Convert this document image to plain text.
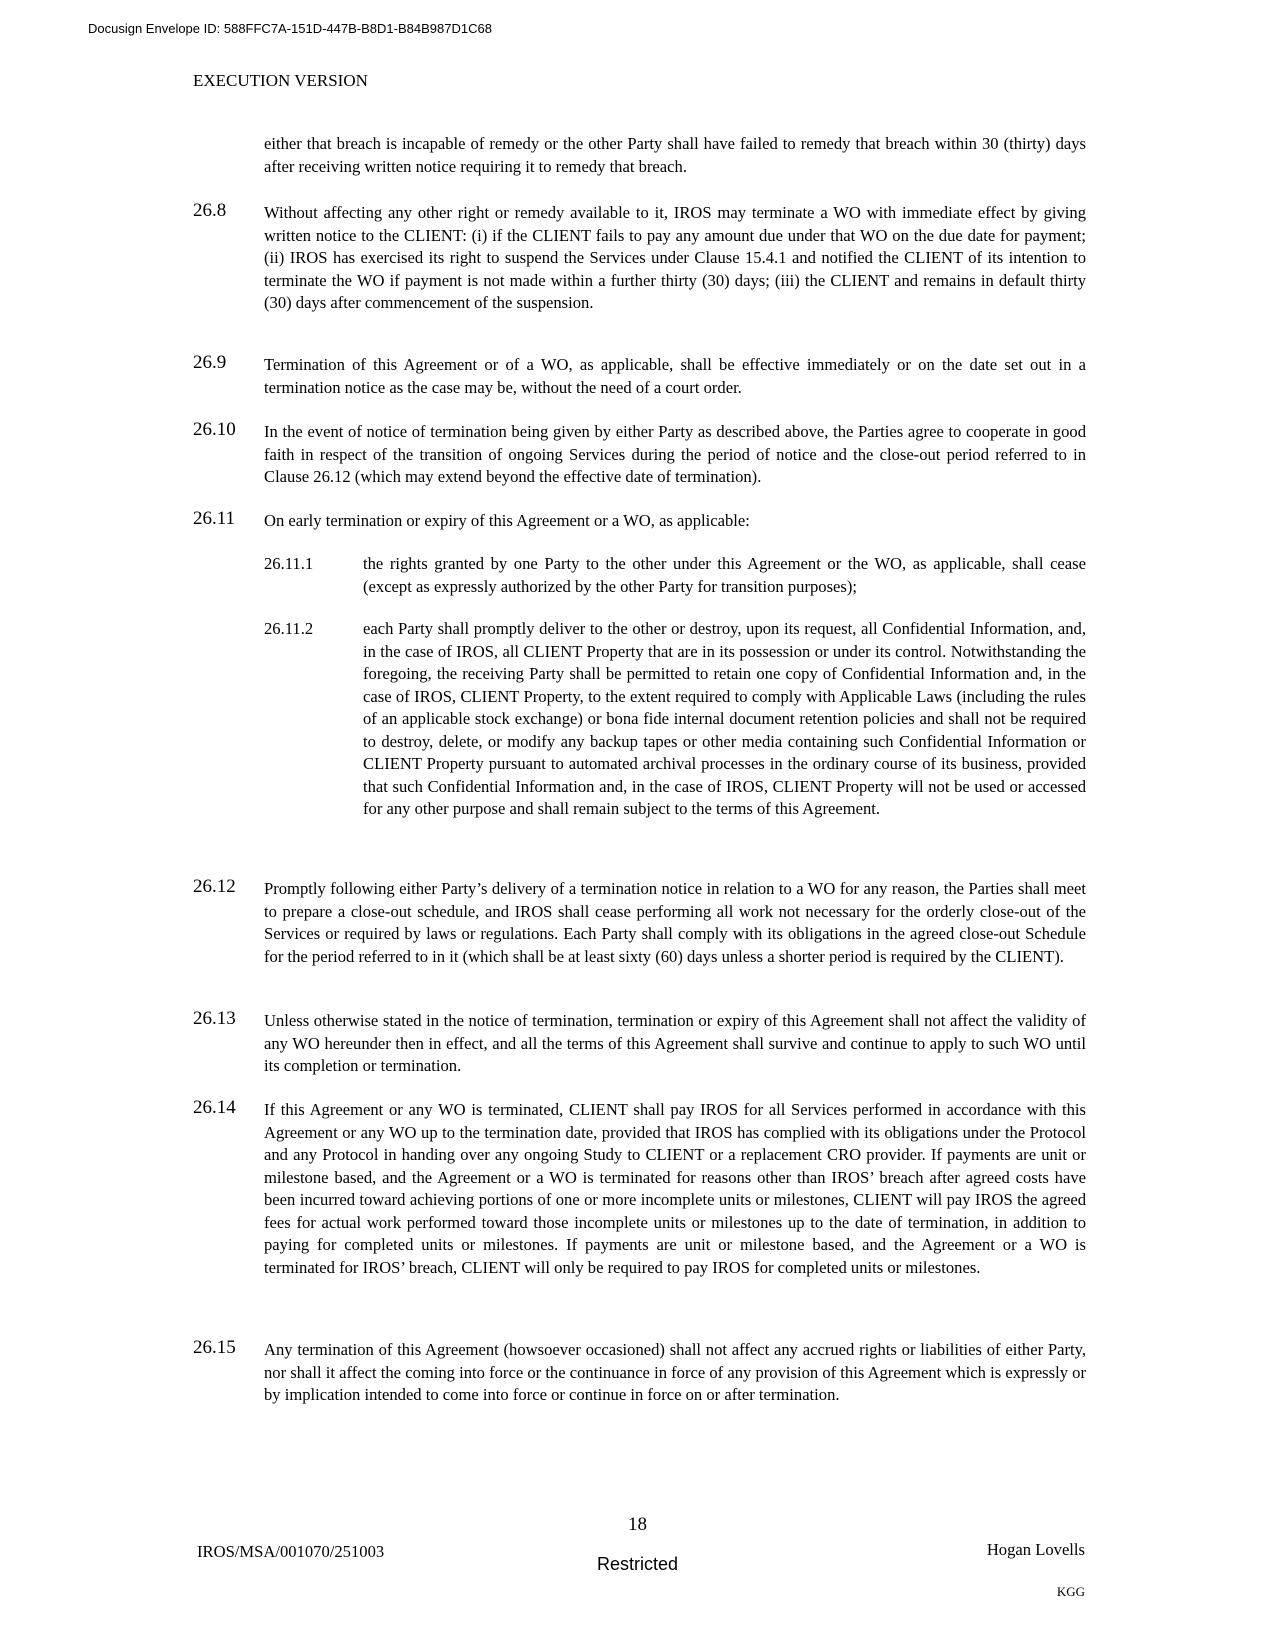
Docusign Envelope ID: 588FFC7A-151D-447B-B8D1-B84B987D1C68
EXECUTION VERSION

either that breach is incapable of remedy or the other Party shall have failed to remedy that breach within 30 (thirty) days after receiving written notice requiring it to remedy that breach.

26.8 Without affecting any other right or remedy available to it, IROS may terminate a WO with immediate effect by giving written notice to the CLIENT: (i) if the CLIENT fails to pay any amount due under that WO on the due date for payment; (ii) IROS has exercised its right to suspend the Services under Clause 15.4.1 and notified the CLIENT of its intention to terminate the WO if payment is not made within a further thirty (30) days; (iii) the CLIENT and remains in default thirty (30) days after commencement of the suspension.

26.9 Termination of this Agreement or of a WO, as applicable, shall be effective immediately or on the date set out in a termination notice as the case may be, without the need of a court order.

26.10 In the event of notice of termination being given by either Party as described above, the Parties agree to cooperate in good faith in respect of the transition of ongoing Services during the period of notice and the close-out period referred to in Clause 26.12 (which may extend beyond the effective date of termination).

26.11 On early termination or expiry of this Agreement or a WO, as applicable:

26.11.1	the rights granted by one Party to the other under this Agreement or the WO, as applicable, shall cease (except as expressly authorized by the other Party for transition purposes);

26.11.2	each Party shall promptly deliver to the other or destroy, upon its request, all Confidential Information, and, in the case of IROS, all CLIENT Property that are in its possession or under its control. Notwithstanding the foregoing, the receiving Party shall be permitted to retain one copy of Confidential Information and, in the case of IROS, CLIENT Property, to the extent required to comply with Applicable Laws (including the rules of an applicable stock exchange) or bona fide internal document retention policies and shall not be required to destroy, delete, or modify any backup tapes or other media containing such Confidential Information or CLIENT Property pursuant to automated archival processes in the ordinary course of its business, provided that such Confidential Information and, in the case of IROS, CLIENT Property will not be used or accessed for any other purpose and shall remain subject to the terms of this Agreement.

26.12 Promptly following either Party’s delivery of a termination notice in relation to a WO for any reason, the Parties shall meet to prepare a close-out schedule, and IROS shall cease performing all work not necessary for the orderly close-out of the Services or required by laws or regulations. Each Party shall comply with its obligations in the agreed close-out Schedule for the period referred to in it (which shall be at least sixty (60) days unless a shorter period is required by the CLIENT).

26.13 Unless otherwise stated in the notice of termination, termination or expiry of this Agreement shall not affect the validity of any WO hereunder then in effect, and all the terms of this Agreement shall survive and continue to apply to such WO until its completion or termination.

26.14 If this Agreement or any WO is terminated, CLIENT shall pay IROS for all Services performed in accordance with this Agreement or any WO up to the termination date, provided that IROS has complied with its obligations under the Protocol and any Protocol in handing over any ongoing Study to CLIENT or a replacement CRO provider. If payments are unit or milestone based, and the Agreement or a WO is terminated for reasons other than IROS’ breach after agreed costs have been incurred toward achieving portions of one or more incomplete units or milestones, CLIENT will pay IROS the agreed fees for actual work performed toward those incomplete units or milestones up to the date of termination, in addition to paying for completed units or milestones. If payments are unit or milestone based, and the Agreement or a WO is terminated for IROS’ breach, CLIENT will only be required to pay IROS for completed units or milestones.

26.15 Any termination of this Agreement (howsoever occasioned) shall not affect any accrued rights or liabilities of either Party, nor shall it affect the coming into force or the continuance in force of any provision of this Agreement which is expressly or by implication intended to come into force or continue in force on or after termination.

18
IROS/MSA/001070/251003
Restricted
Hogan Lovells
KGG
